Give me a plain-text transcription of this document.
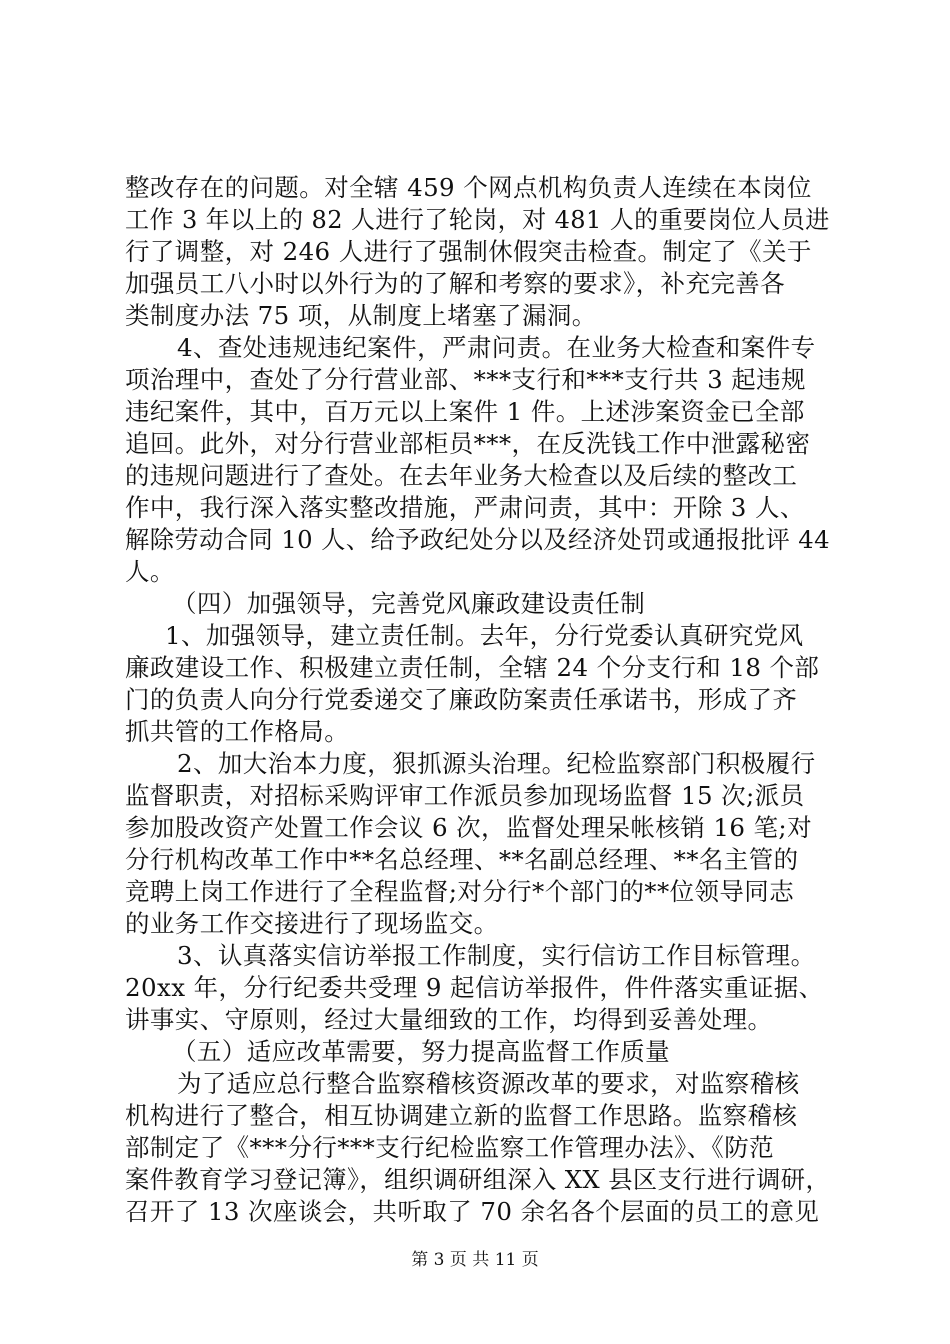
整改存在的问题。对全辖 459 个网点机构负责人连续在本岗位
工作 3 年以上的 82 人进行了轮岗，对 481 人的重要岗位人员进
行了调整，对 246 人进行了强制休假突击检查。制定了《关于
加强员工八小时以外行为的了解和考察的要求》，补充完善各
类制度办法 75 项，从制度上堵塞了漏洞。
4、查处违规违纪案件，严肃问责。在业务大检查和案件专
项治理中，查处了分行营业部、***支行和***支行共 3 起违规
违纪案件，其中，百万元以上案件 1 件。上述涉案资金已全部
追回。此外，对分行营业部柜员***，在反洗钱工作中泄露秘密
的违规问题进行了查处。在去年业务大检查以及后续的整改工
作中，我行深入落实整改措施，严肃问责，其中：开除 3 人、
解除劳动合同 10 人、给予政纪处分以及经济处罚或通报批评 44
人。
（四）加强领导，完善党风廉政建设责任制
1、加强领导，建立责任制。去年，分行党委认真研究党风
廉政建设工作、积极建立责任制，全辖 24 个分支行和 18 个部
门的负责人向分行党委递交了廉政防案责任承诺书，形成了齐
抓共管的工作格局。
2、加大治本力度，狠抓源头治理。纪检监察部门积极履行
监督职责，对招标采购评审工作派员参加现场监督 15 次;派员
参加股改资产处置工作会议 6 次，监督处理呆帐核销 16 笔;对
分行机构改革工作中**名总经理、**名副总经理、**名主管的
竞聘上岗工作进行了全程监督;对分行*个部门的**位领导同志
的业务工作交接进行了现场监交。
3、认真落实信访举报工作制度，实行信访工作目标管理。
20xx 年，分行纪委共受理 9 起信访举报件，件件落实重证据、
讲事实、守原则，经过大量细致的工作，均得到妥善处理。
（五）适应改革需要，努力提高监督工作质量
为了适应总行整合监察稽核资源改革的要求，对监察稽核
机构进行了整合，相互协调建立新的监督工作思路。监察稽核
部制定了《***分行***支行纪检监察工作管理办法》、《防范
案件教育学习登记簿》，组织调研组深入 XX 县区支行进行调研，
召开了 13 次座谈会，共听取了 70 余名各个层面的员工的意见
第 3 页 共 11 页
